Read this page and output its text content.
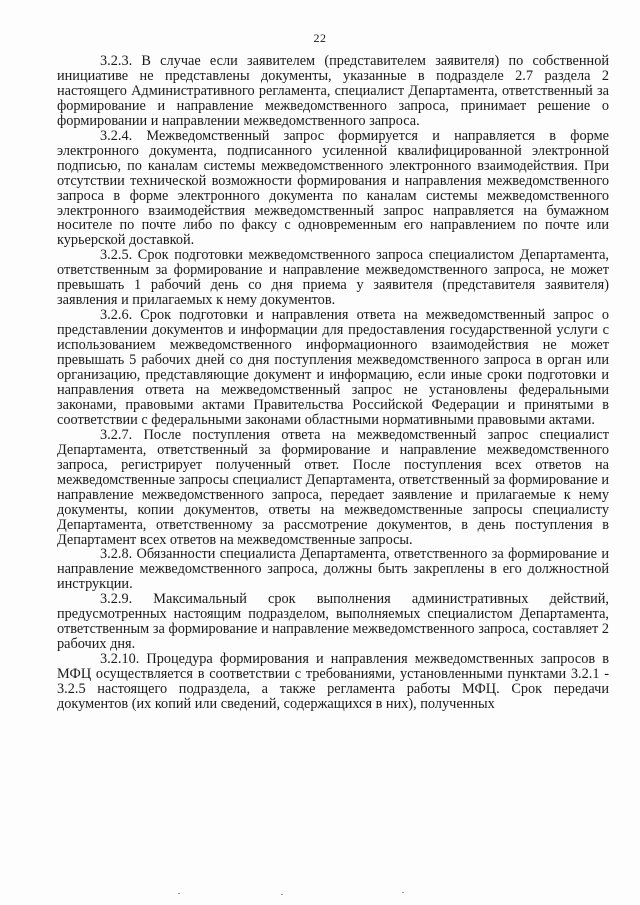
22

3.2.3. В случае если заявителем (представителем заявителя) по собственной инициативе не представлены документы, указанные в подразделе 2.7 раздела 2 настоящего Административного регламента, специалист Департамента, ответственный за формирование и направление межведомственного запроса, принимает решение о формировании и направлении межведомственного запроса.

3.2.4. Межведомственный запрос формируется и направляется в форме электронного документа, подписанного усиленной квалифицированной электронной подписью, по каналам системы межведомственного электронного взаимодействия. При отсутствии технической возможности формирования и направления межведомственного запроса в форме электронного документа по каналам системы межведомственного электронного взаимодействия межведомственный запрос направляется на бумажном носителе по почте либо по факсу с одновременным его направлением по почте или курьерской доставкой.

3.2.5. Срок подготовки межведомственного запроса специалистом Департамента, ответственным за формирование и направление межведомственного запроса, не может превышать 1 рабочий день со дня приема у заявителя (представителя заявителя) заявления и прилагаемых к нему документов.

3.2.6. Срок подготовки и направления ответа на межведомственный запрос о представлении документов и информации для предоставления государственной услуги с использованием межведомственного информационного взаимодействия не может превышать 5 рабочих дней со дня поступления межведомственного запроса в орган или организацию, представляющие документ и информацию, если иные сроки подготовки и направления ответа на межведомственный запрос не установлены федеральными законами, правовыми актами Правительства Российской Федерации и принятыми в соответствии с федеральными законами областными нормативными правовыми актами.

3.2.7. После поступления ответа на межведомственный запрос специалист Департамента, ответственный за формирование и направление межведомственного запроса, регистрирует полученный ответ. После поступления всех ответов на межведомственные запросы специалист Департамента, ответственный за формирование и направление межведомственного запроса, передает заявление и прилагаемые к нему документы, копии документов, ответы на межведомственные запросы специалисту Департамента, ответственному за рассмотрение документов, в день поступления в Департамент всех ответов на межведомственные запросы.

3.2.8. Обязанности специалиста Департамента, ответственного за формирование и направление межведомственного запроса, должны быть закреплены в его должностной инструкции.

3.2.9. Максимальный срок выполнения административных действий, предусмотренных настоящим подразделом, выполняемых специалистом Департамента, ответственным за формирование и направление межведомственного запроса, составляет 2 рабочих дня.

3.2.10. Процедура формирования и направления межведомственных запросов в МФЦ осуществляется в соответствии с требованиями, установленными пунктами 3.2.1 - 3.2.5 настоящего подраздела, а также регламента работы МФЦ. Срок передачи документов (их копий или сведений, содержащихся в них), полученных
